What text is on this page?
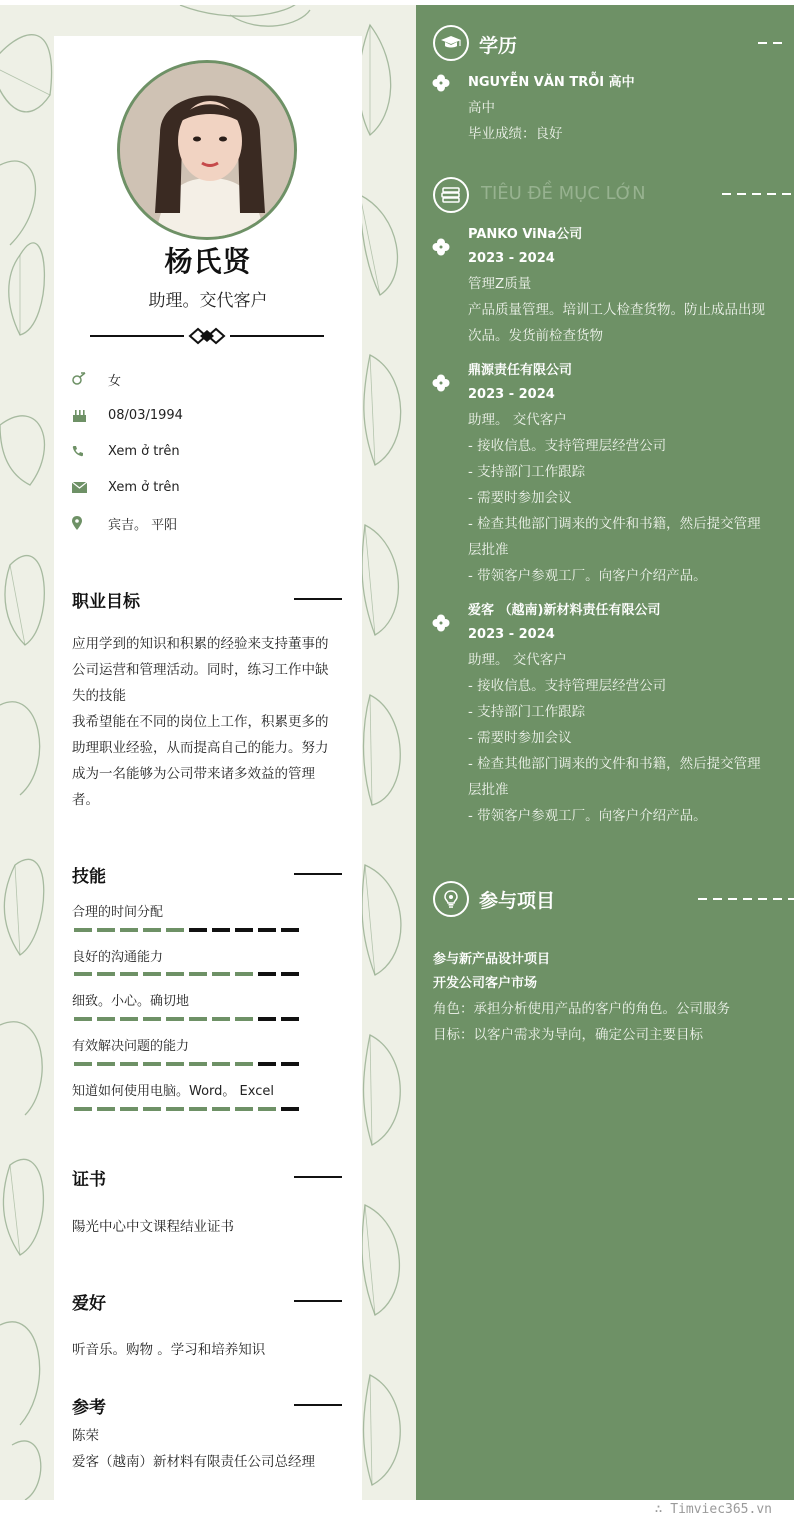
杨氏贤
助理。交代客户
女
08/03/1994
Xem ở trên
Xem ở trên
宾吉。 平阳
职业目标
应用学到的知识和积累的经验来支持董事的
公司运营和管理活动。同时，练习工作中缺
失的技能
我希望能在不同的岗位上工作，积累更多的
助理职业经验，从而提高自己的能力。努力
成为一名能够为公司带来诸多效益的管理
者。
技能
合理的时间分配
良好的沟通能力
细致。小心。确切地
有效解决问题的能力
知道如何使用电脑。Word。 Excel
证书
陽光中心中文课程结业证书
爱好
听音乐。购物 。学习和培养知识
参考
陈荣
爱客（越南）新材料有限责任公司总经理
学历
NGUYỄN VĂN TRỖI 高中
高中
毕业成绩：良好
TIÊU ĐỀ MỤC LỚN
PANKO ViNa公司
2023 - 2024
管理Z质量
产品质量管理。培训工人检查货物。防止成品出现
次品。发货前检查货物
鼎源责任有限公司
2023 - 2024
助理。 交代客户
- 接收信息。支持管理层经营公司
- 支持部门工作跟踪
- 需要时参加会议
- 检查其他部门调来的文件和书籍，然后提交管理
层批准
- 带领客户参观工厂。向客户介绍产品。
爱客 （越南)新材料责任有限公司
2023 - 2024
助理。 交代客户
- 接收信息。支持管理层经营公司
- 支持部门工作跟踪
- 需要时参加会议
- 检查其他部门调来的文件和书籍，然后提交管理
层批准
- 带领客户参观工厂。向客户介绍产品。
参与项目
参与新产品设计项目
开发公司客户市场
角色：承担分析使用产品的客户的角色。公司服务
目标：以客户需求为导向，确定公司主要目标
∴ Timviec365.vn
